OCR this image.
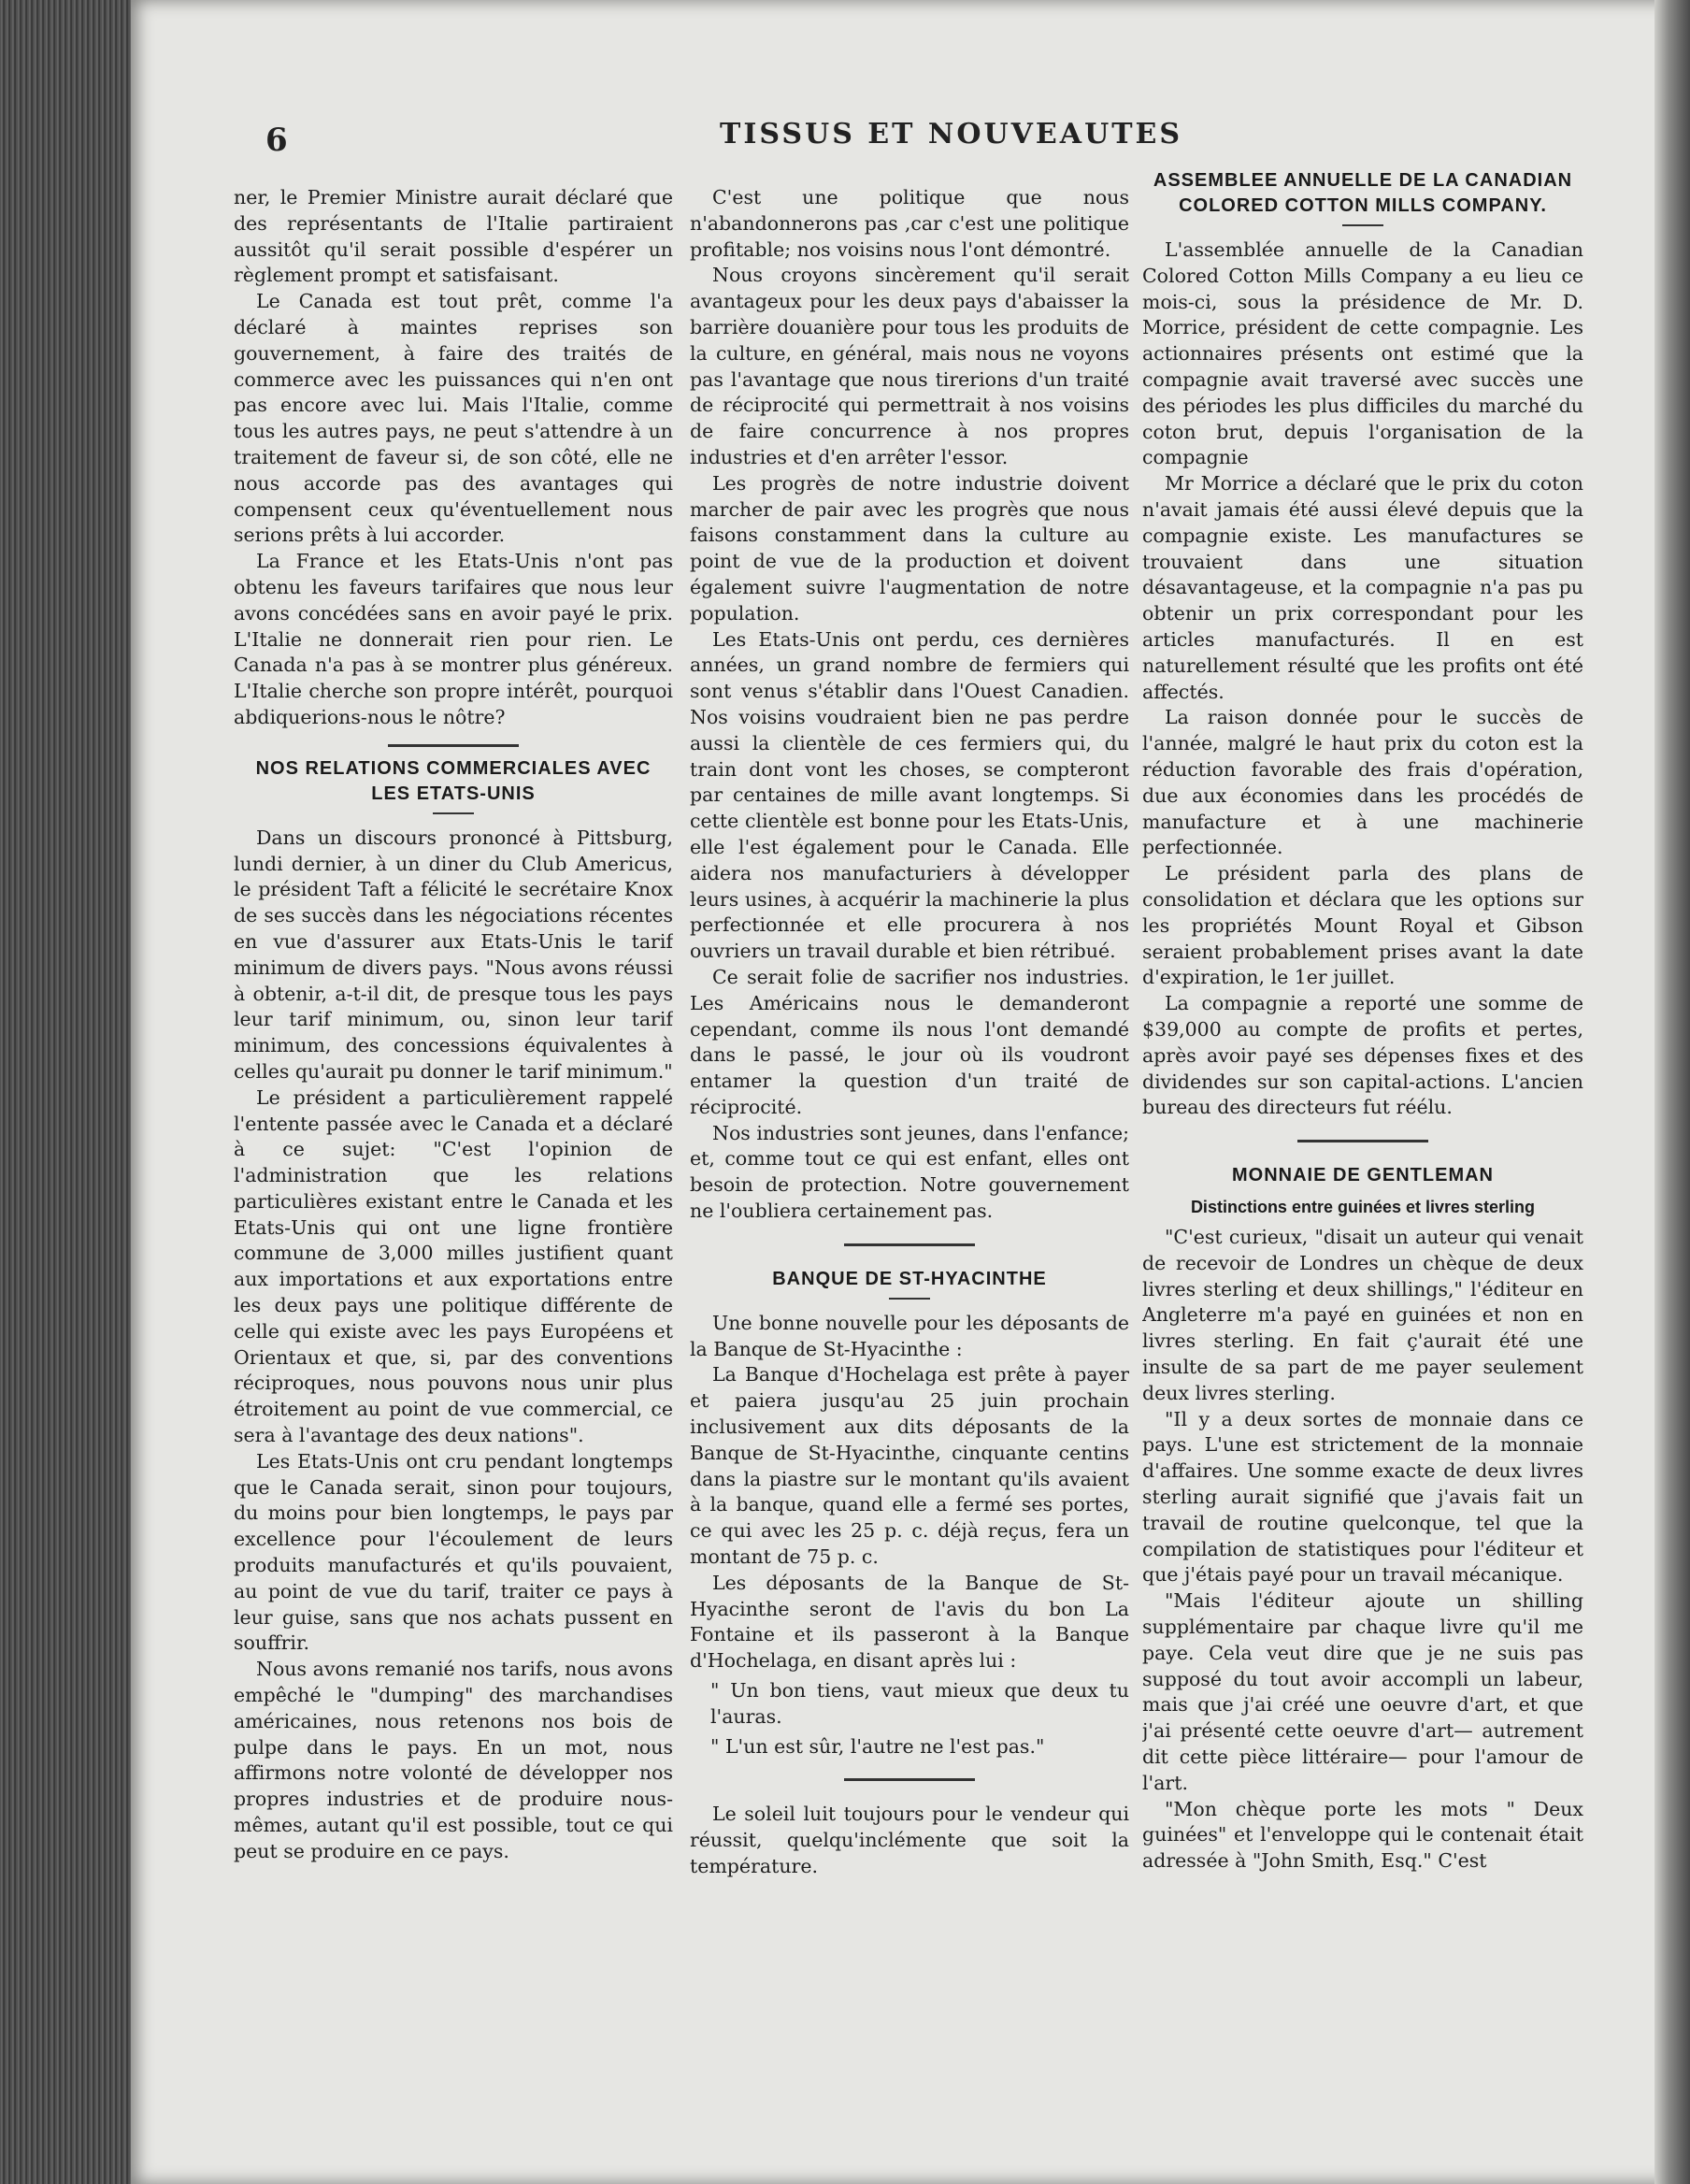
6	TISSUS ET NOUVEAUTES

ner, le Premier Ministre aurait déclaré que des représentants de l'Italie partiraient aussitôt qu'il serait possible d'espérer un règlement prompt et satisfaisant.

Le Canada est tout prêt, comme l'a déclaré à maintes reprises son gouvernement, à faire des traités de commerce avec les puissances qui n'en ont pas encore avec lui. Mais l'Italie, comme tous les autres pays, ne peut s'attendre à un traitement de faveur si, de son côté, elle ne nous accorde pas des avantages qui compensent ceux qu'éventuellement nous serions prêts à lui accorder.

La France et les Etats-Unis n'ont pas obtenu les faveurs tarifaires que nous leur avons concédées sans en avoir payé le prix. L'Italie ne donnerait rien pour rien. Le Canada n'a pas à se montrer plus généreux. L'Italie cherche son propre intérêt, pourquoi abdiquerions-nous le nôtre?

NOS RELATIONS COMMERCIALES AVEC LES ETATS-UNIS

Dans un discours prononcé à Pittsburg, lundi dernier, à un diner du Club Americus, le président Taft a félicité le secrétaire Knox de ses succès dans les négociations récentes en vue d'assurer aux Etats-Unis le tarif minimum de divers pays. "Nous avons réussi à obtenir, a-t-il dit, de presque tous les pays leur tarif minimum, ou, sinon leur tarif minimum, des concessions équivalentes à celles qu'aurait pu donner le tarif minimum."

Le président a particulièrement rappelé l'entente passée avec le Canada et a déclaré à ce sujet: "C'est l'opinion de l'administration que les relations particulières existant entre le Canada et les Etats-Unis qui ont une ligne frontière commune de 3,000 milles justifient quant aux importations et aux exportations entre les deux pays une politique différente de celle qui existe avec les pays Européens et Orientaux et que, si, par des conventions réciproques, nous pouvons nous unir plus étroitement au point de vue commercial, ce sera à l'avantage des deux nations".

Les Etats-Unis ont cru pendant longtemps que le Canada serait, sinon pour toujours, du moins pour bien longtemps, le pays par excellence pour l'écoulement de leurs produits manufacturés et qu'ils pouvaient, au point de vue du tarif, traiter ce pays à leur guise, sans que nos achats pussent en souffrir.

Nous avons remanié nos tarifs, nous avons empêché le "dumping" des marchandises américaines, nous retenons nos bois de pulpe dans le pays. En un mot, nous affirmons notre volonté de développer nos propres industries et de produire nous-mêmes, autant qu'il est possible, tout ce qui peut se produire en ce pays.

C'est une politique que nous n'abandonnerons pas ,car c'est une politique profitable; nos voisins nous l'ont démontré.

Nous croyons sincèrement qu'il serait avantageux pour les deux pays d'abaisser la barrière douanière pour tous les produits de la culture, en général, mais nous ne voyons pas l'avantage que nous tirerions d'un traité de réciprocité qui permettrait à nos voisins de faire concurrence à nos propres industries et d'en arrêter l'essor.

Les progrès de notre industrie doivent marcher de pair avec les progrès que nous faisons constamment dans la culture au point de vue de la production et doivent également suivre l'augmentation de notre population.

Les Etats-Unis ont perdu, ces dernières années, un grand nombre de fermiers qui sont venus s'établir dans l'Ouest Canadien. Nos voisins voudraient bien ne pas perdre aussi la clientèle de ces fermiers qui, du train dont vont les choses, se compteront par centaines de mille avant longtemps. Si cette clientèle est bonne pour les Etats-Unis, elle l'est également pour le Canada. Elle aidera nos manufacturiers à développer leurs usines, à acquérir la machinerie la plus perfectionnée et elle procurera à nos ouvriers un travail durable et bien rétribué.

Ce serait folie de sacrifier nos industries. Les Américains nous le demanderont cependant, comme ils nous l'ont demandé dans le passé, le jour où ils voudront entamer la question d'un traité de réciprocité.

Nos industries sont jeunes, dans l'enfance; et, comme tout ce qui est enfant, elles ont besoin de protection. Notre gouvernement ne l'oubliera certainement pas.

BANQUE DE ST-HYACINTHE

Une bonne nouvelle pour les déposants de la Banque de St-Hyacinthe :

La Banque d'Hochelaga est prête à payer et paiera jusqu'au 25 juin prochain inclusivement aux dits déposants de la Banque de St-Hyacinthe, cinquante centins dans la piastre sur le montant qu'ils avaient à la banque, quand elle a fermé ses portes, ce qui avec les 25 p. c. déjà reçus, fera un montant de 75 p. c.

Les déposants de la Banque de St-Hyacinthe seront de l'avis du bon La Fontaine et ils passeront à la Banque d'Hochelaga, en disant après lui :

" Un bon tiens, vaut mieux que deux tu l'auras.

" L'un est sûr, l'autre ne l'est pas."

Le soleil luit toujours pour le vendeur qui réussit, quelqu'inclémente que soit la température.

ASSEMBLEE ANNUELLE DE LA CANADIAN COLORED COTTON MILLS COMPANY.

L'assemblée annuelle de la Canadian Colored Cotton Mills Company a eu lieu ce mois-ci, sous la présidence de Mr. D. Morrice, président de cette compagnie. Les actionnaires présents ont estimé que la compagnie avait traversé avec succès une des périodes les plus difficiles du marché du coton brut, depuis l'organisation de la compagnie

Mr Morrice a déclaré que le prix du coton n'avait jamais été aussi élevé depuis que la compagnie existe. Les manufactures se trouvaient dans une situation désavantageuse, et la compagnie n'a pas pu obtenir un prix correspondant pour les articles manufacturés. Il en est naturellement résulté que les profits ont été affectés.

La raison donnée pour le succès de l'année, malgré le haut prix du coton est la réduction favorable des frais d'opération, due aux économies dans les procédés de manufacture et à une machinerie perfectionnée.

Le président parla des plans de consolidation et déclara que les options sur les propriétés Mount Royal et Gibson seraient probablement prises avant la date d'expiration, le 1er juillet.

La compagnie a reporté une somme de $39,000 au compte de profits et pertes, après avoir payé ses dépenses fixes et des dividendes sur son capital-actions. L'ancien bureau des directeurs fut réélu.

MONNAIE DE GENTLEMAN
Distinctions entre guinées et livres sterling

"C'est curieux, "disait un auteur qui venait de recevoir de Londres un chèque de deux livres sterling et deux shillings," l'éditeur en Angleterre m'a payé en guinées et non en livres sterling. En fait ç'aurait été une insulte de sa part de me payer seulement deux livres sterling.

"Il y a deux sortes de monnaie dans ce pays. L'une est strictement de la monnaie d'affaires. Une somme exacte de deux livres sterling aurait signifié que j'avais fait un travail de routine quelconque, tel que la compilation de statistiques pour l'éditeur et que j'étais payé pour un travail mécanique.

"Mais l'éditeur ajoute un shilling supplémentaire par chaque livre qu'il me paye. Cela veut dire que je ne suis pas supposé du tout avoir accompli un labeur, mais que j'ai créé une oeuvre d'art, et que j'ai présenté cette oeuvre d'art— autrement dit cette pièce littéraire— pour l'amour de l'art.

"Mon chèque porte les mots " Deux guinées" et l'enveloppe qui le contenait était adressée à "John Smith, Esq." C'est
